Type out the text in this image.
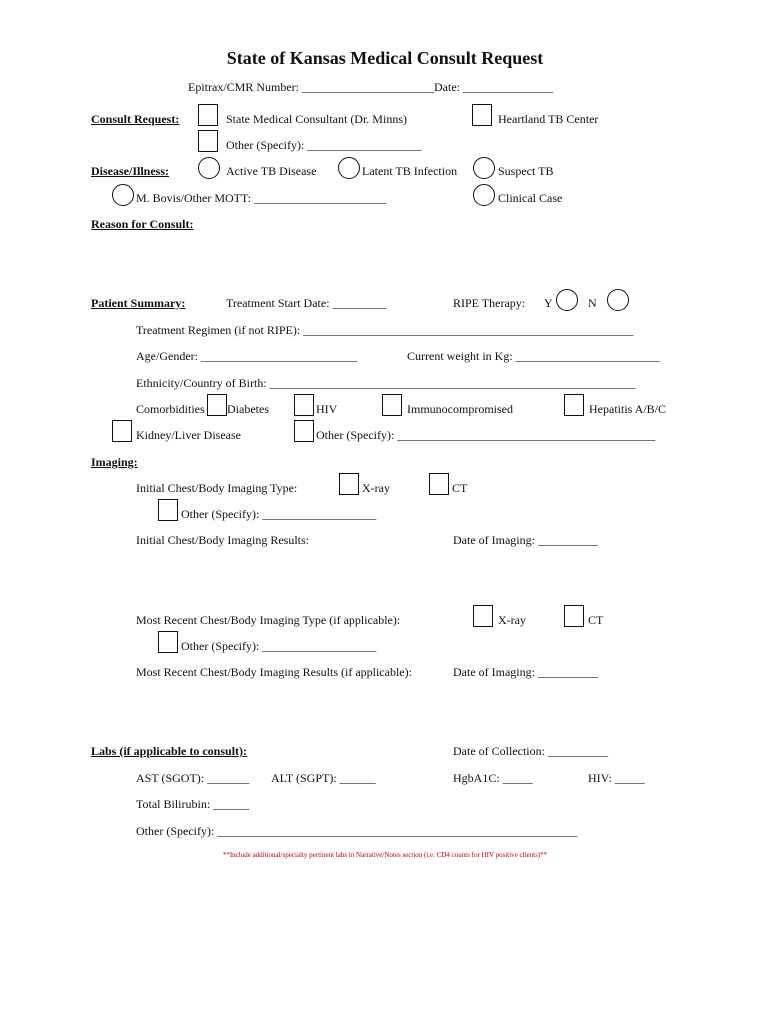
State of Kansas Medical Consult Request
Epitrax/CMR Number: ______________________Date: _______________
Consult Request:	State Medical Consultant (Dr. Minns)	Heartland TB Center
Other (Specify): ___________________
Disease/Illness:	Active TB Disease	Latent TB Infection	Suspect TB
M. Bovis/Other MOTT: ______________________	Clinical Case
Reason for Consult:
Patient Summary:	Treatment Start Date: _________	RIPE Therapy: Y	N
Treatment Regimen (if not RIPE): _______________________________________________________
Age/Gender: __________________________	Current weight in Kg: ________________________
Ethnicity/Country of Birth: _____________________________________________________________
Comorbidities Diabetes	HIV	Immunocompromised	Hepatitis A/B/C
Kidney/Liver Disease	Other (Specify): ___________________________________________
Imaging:
Initial Chest/Body Imaging Type:	X-ray	CT
Other (Specify): ___________________
Initial Chest/Body Imaging Results:	Date of Imaging: __________
Most Recent Chest/Body Imaging Type (if applicable):	X-ray	CT
Other (Specify): ___________________
Most Recent Chest/Body Imaging Results (if applicable):	Date of Imaging: __________
Labs (if applicable to consult):	Date of Collection: __________
AST (SGOT): _______ ALT (SGPT): ______	HgbA1C: _____	HIV: _____
Total Bilirubin: ______
Other (Specify): ____________________________________________________________
**Include additional/specialty pertinent labs in Narrative/Notes section (i.e. CD4 counts for HIV positive clients)**
